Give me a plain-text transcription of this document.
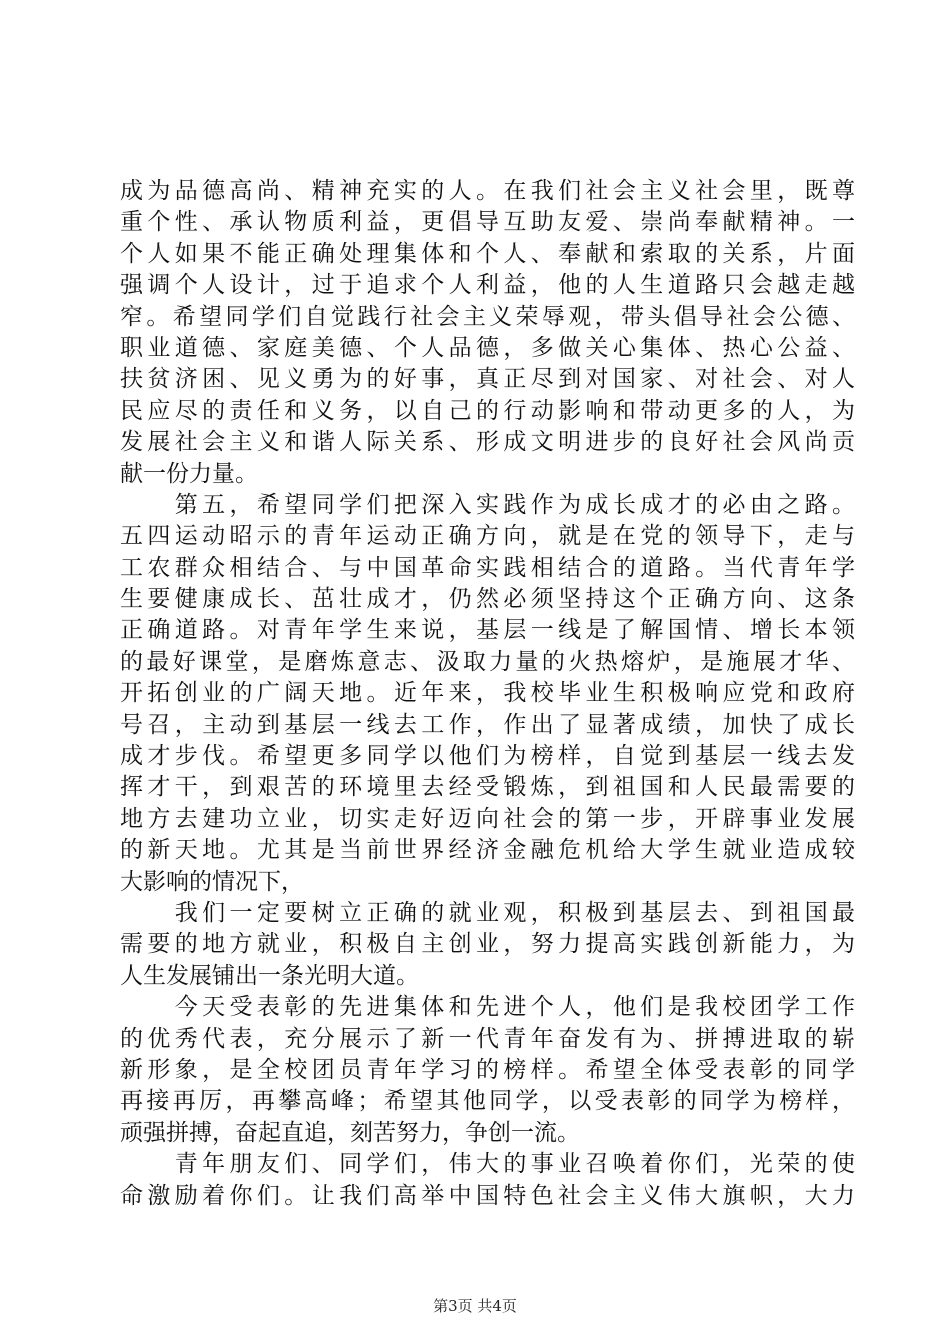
成为品德高尚、精神充实的人。在我们社会主义社会里，既尊
重个性、承认物质利益，更倡导互助友爱、崇尚奉献精神。一
个人如果不能正确处理集体和个人、奉献和索取的关系，片面
强调个人设计，过于追求个人利益，他的人生道路只会越走越
窄。希望同学们自觉践行社会主义荣辱观，带头倡导社会公德、
职业道德、家庭美德、个人品德，多做关心集体、热心公益、
扶贫济困、见义勇为的好事，真正尽到对国家、对社会、对人
民应尽的责任和义务，以自己的行动影响和带动更多的人，为
发展社会主义和谐人际关系、形成文明进步的良好社会风尚贡
献一份力量。
　　第五，希望同学们把深入实践作为成长成才的必由之路。
五四运动昭示的青年运动正确方向，就是在党的领导下，走与
工农群众相结合、与中国革命实践相结合的道路。当代青年学
生要健康成长、茁壮成才，仍然必须坚持这个正确方向、这条
正确道路。对青年学生来说，基层一线是了解国情、增长本领
的最好课堂，是磨炼意志、汲取力量的火热熔炉，是施展才华、
开拓创业的广阔天地。近年来，我校毕业生积极响应党和政府
号召，主动到基层一线去工作，作出了显著成绩，加快了成长
成才步伐。希望更多同学以他们为榜样，自觉到基层一线去发
挥才干，到艰苦的环境里去经受锻炼，到祖国和人民最需要的
地方去建功立业，切实走好迈向社会的第一步，开辟事业发展
的新天地。尤其是当前世界经济金融危机给大学生就业造成较
大影响的情况下，
　　我们一定要树立正确的就业观，积极到基层去、到祖国最
需要的地方就业，积极自主创业，努力提高实践创新能力，为
人生发展铺出一条光明大道。
　　今天受表彰的先进集体和先进个人，他们是我校团学工作
的优秀代表，充分展示了新一代青年奋发有为、拼搏进取的崭
新形象，是全校团员青年学习的榜样。希望全体受表彰的同学
再接再厉，再攀高峰；希望其他同学，以受表彰的同学为榜样，
顽强拼搏，奋起直追，刻苦努力，争创一流。
　　青年朋友们、同学们，伟大的事业召唤着你们，光荣的使
命激励着你们。让我们高举中国特色社会主义伟大旗帜，大力
第3页 共4页
